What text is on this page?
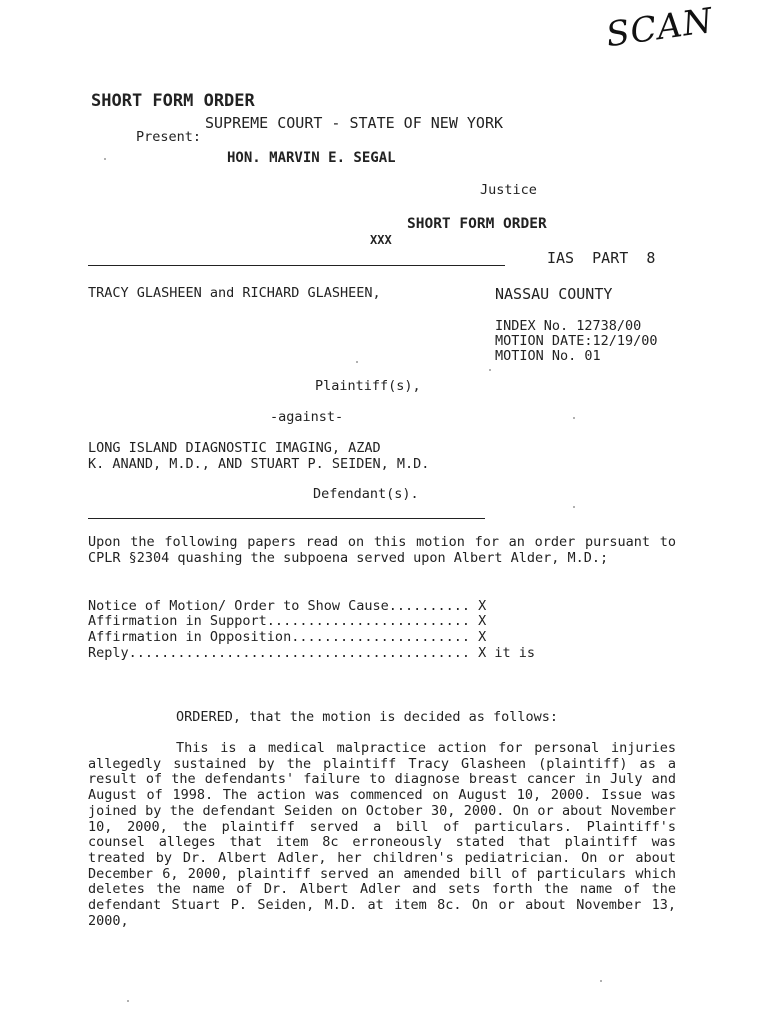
SCAN
SHORT FORM ORDER
SUPREME COURT - STATE OF NEW YORK
Present:
HON. MARVIN E. SEGAL
Justice
SHORT FORM ORDER
XXX
IAS  PART  8
TRACY GLASHEEN and RICHARD GLASHEEN,	NASSAU COUNTY
INDEX No. 12738/00
MOTION DATE:12/19/00
MOTION No. 01
Plaintiff(s),
-against-
LONG ISLAND DIAGNOSTIC IMAGING, AZAD
K. ANAND, M.D., AND STUART P. SEIDEN, M.D.
Defendant(s).
Upon the following papers read on this motion for an order pursuant to CPLR §2304 quashing the subpoena served upon Albert Alder, M.D.;
Notice of Motion/ Order to Show Cause.......... X
Affirmation in Support......................... X
Affirmation in Opposition...................... X
Reply.......................................... X it is
ORDERED, that the motion is decided as follows:
This is a medical malpractice action for personal injuries allegedly sustained by the plaintiff Tracy Glasheen (plaintiff) as a result of the defendants' failure to diagnose breast cancer in July and August of 1998. The action was commenced on August 10, 2000. Issue was joined by the defendant Seiden on October 30, 2000. On or about November 10, 2000, the plaintiff served a bill of particulars. Plaintiff's counsel alleges that item 8c erroneously stated that plaintiff was treated by Dr. Albert Adler, her children's pediatrician. On or about December 6, 2000, plaintiff served an amended bill of particulars which deletes the name of Dr. Albert Adler and sets forth the name of the defendant Stuart P. Seiden, M.D. at item 8c. On or about November 13, 2000,
